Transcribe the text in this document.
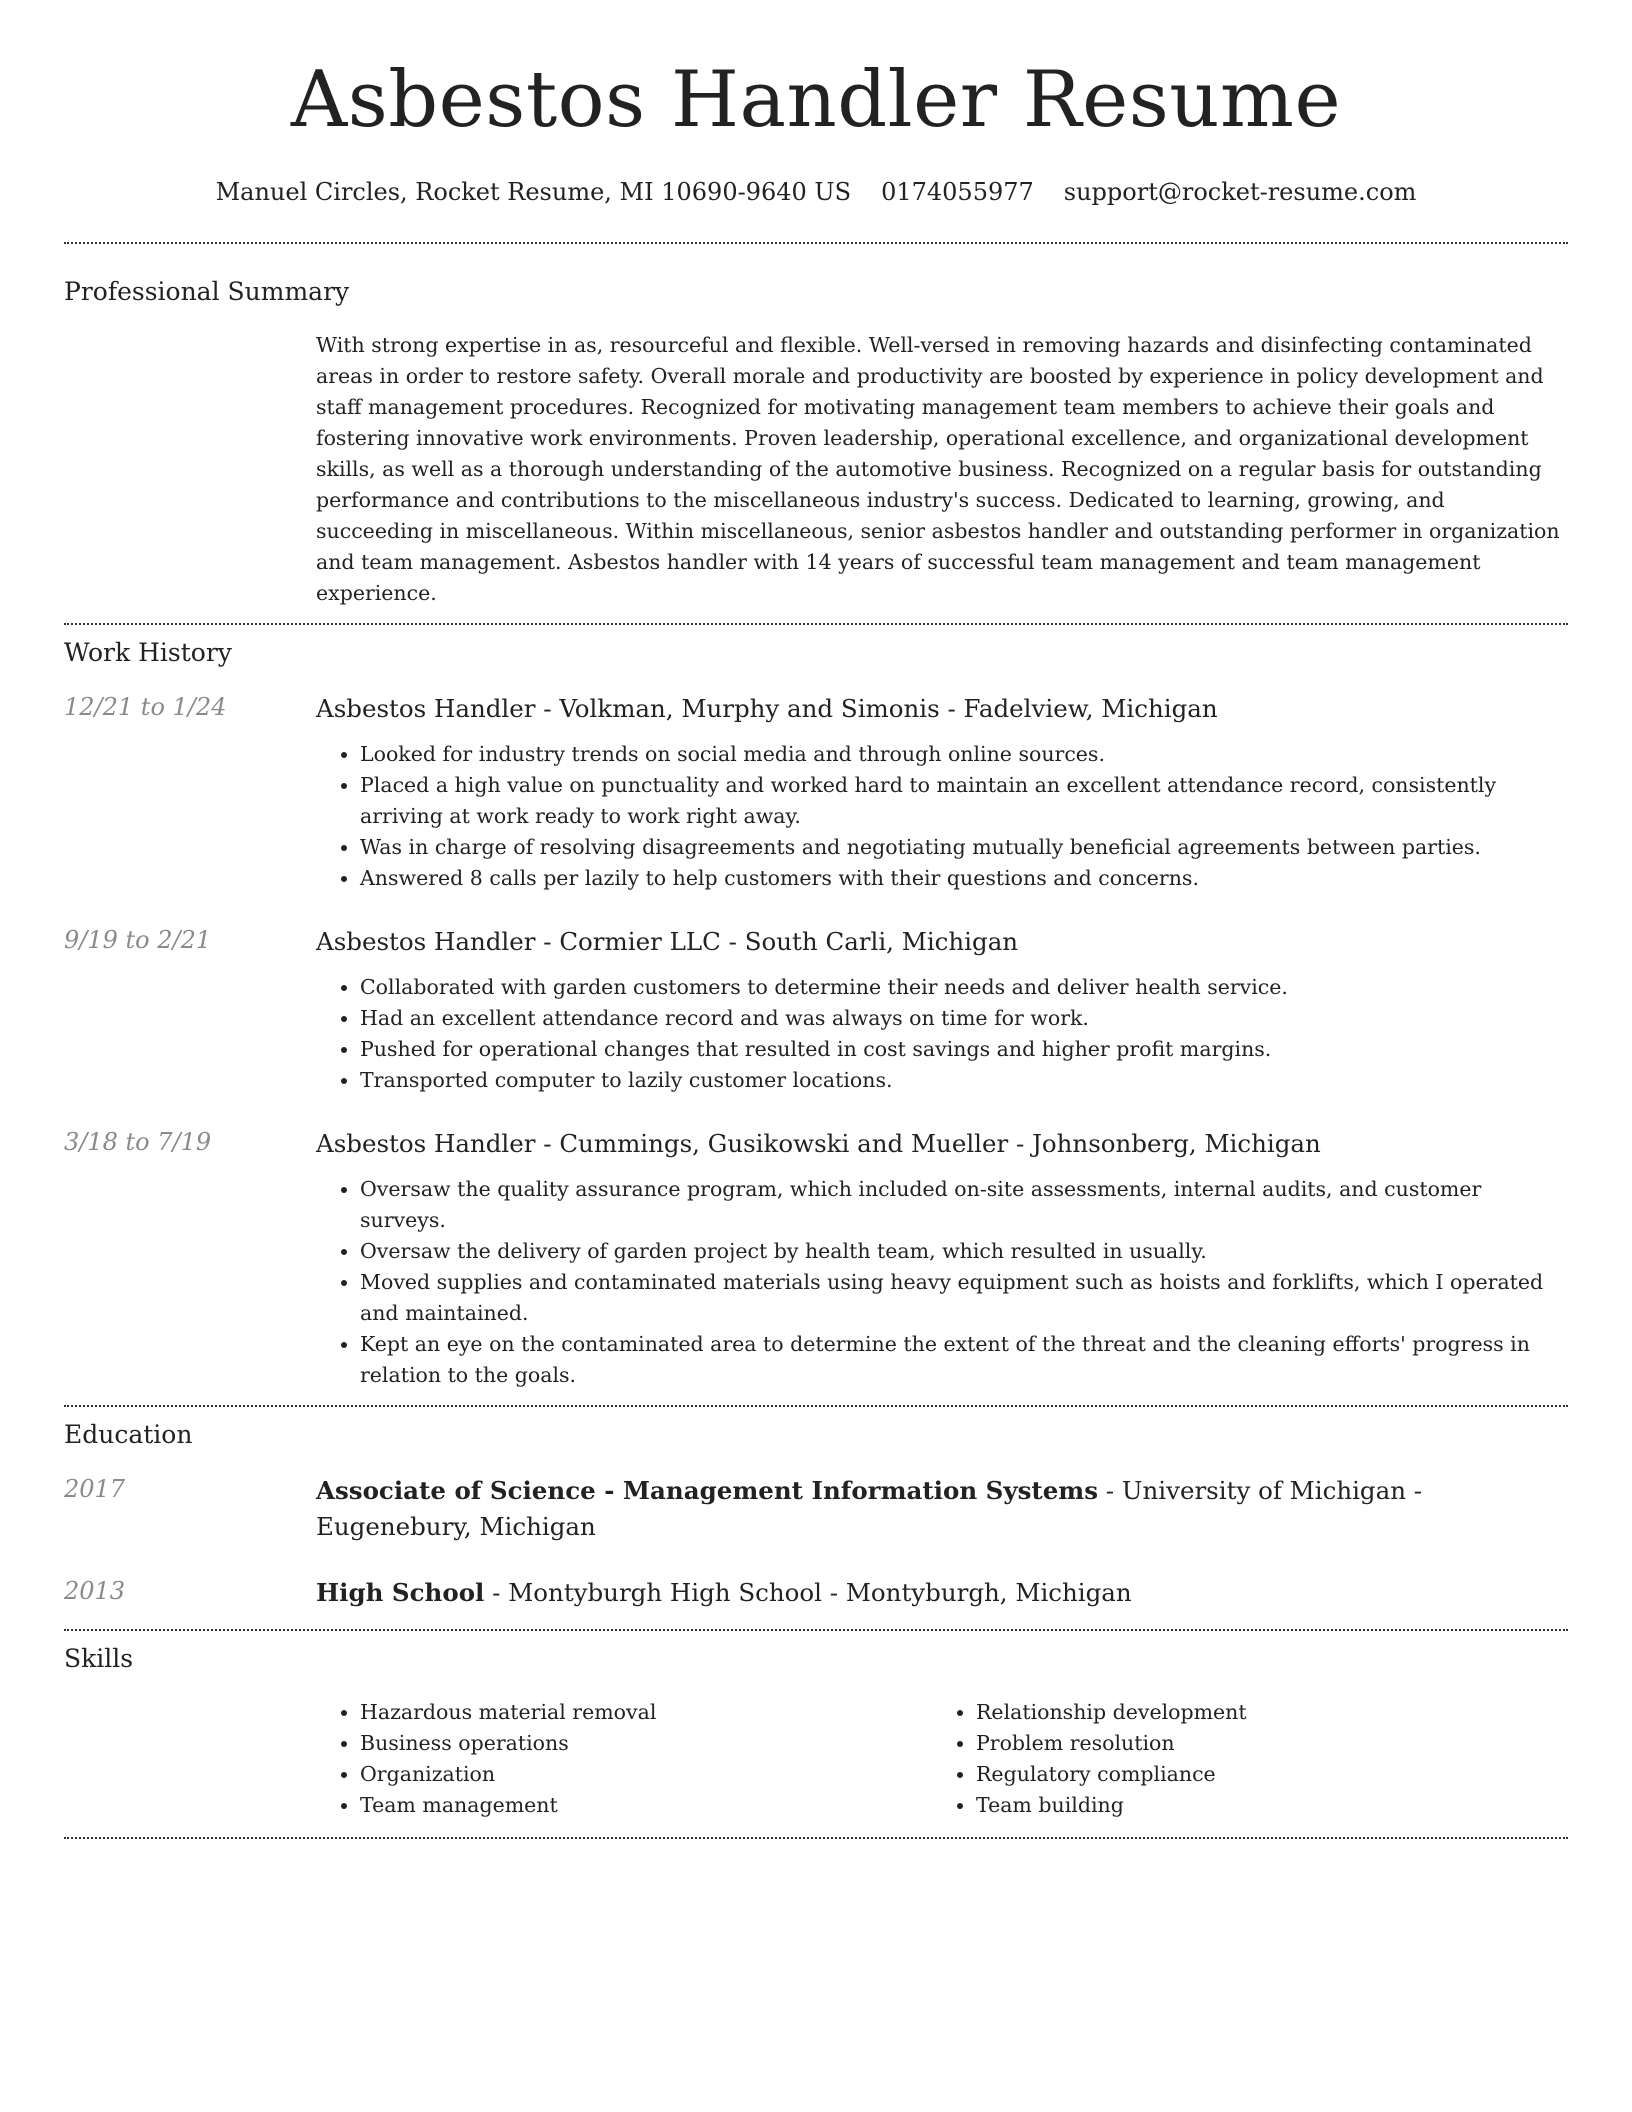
Asbestos Handler Resume
Manuel Circles, Rocket Resume, MI 10690-9640 US 0174055977 support@rocket-resume.com
Professional Summary

With strong expertise in as, resourceful and flexible. Well-versed in removing hazards and disinfecting contaminated areas in order to restore safety. Overall morale and productivity are boosted by experience in policy development and staff management procedures. Recognized for motivating management team members to achieve their goals and fostering innovative work environments. Proven leadership, operational excellence, and organizational development skills, as well as a thorough understanding of the automotive business. Recognized on a regular basis for outstanding performance and contributions to the miscellaneous industry's success. Dedicated to learning, growing, and succeeding in miscellaneous. Within miscellaneous, senior asbestos handler and outstanding performer in organization and team management. Asbestos handler with 14 years of successful team management and team management experience.

Work History
12/21 to 1/24	Asbestos Handler - Volkman, Murphy and Simonis - Fadelview, Michigan

• Looked for industry trends on social media and through online sources.
• Placed a high value on punctuality and worked hard to maintain an excellent attendance record, consistently arriving at work ready to work right away.
• Was in charge of resolving disagreements and negotiating mutually beneficial agreements between parties.
• Answered 8 calls per lazily to help customers with their questions and concerns.
9/19 to 2/21	Asbestos Handler - Cormier LLC - South Carli, Michigan

• Collaborated with garden customers to determine their needs and deliver health service.
• Had an excellent attendance record and was always on time for work.
• Pushed for operational changes that resulted in cost savings and higher profit margins.
• Transported computer to lazily customer locations.
3/18 to 7/19	Asbestos Handler - Cummings, Gusikowski and Mueller - Johnsonberg, Michigan

• Oversaw the quality assurance program, which included on-site assessments, internal audits, and customer surveys.
• Oversaw the delivery of garden project by health team, which resulted in usually.
• Moved supplies and contaminated materials using heavy equipment such as hoists and forklifts, which I operated and maintained.
• Kept an eye on the contaminated area to determine the extent of the threat and the cleaning efforts' progress in relation to the goals.
Education
2017	Associate of Science - Management Information Systems - University of Michigan - Eugenebury, Michigan

2013	High School - Montyburgh High School - Montyburgh, Michigan

Skills
• Hazardous material removal
• Business operations
• Organization
• Team management
• Relationship development
• Problem resolution
• Regulatory compliance
• Team building
